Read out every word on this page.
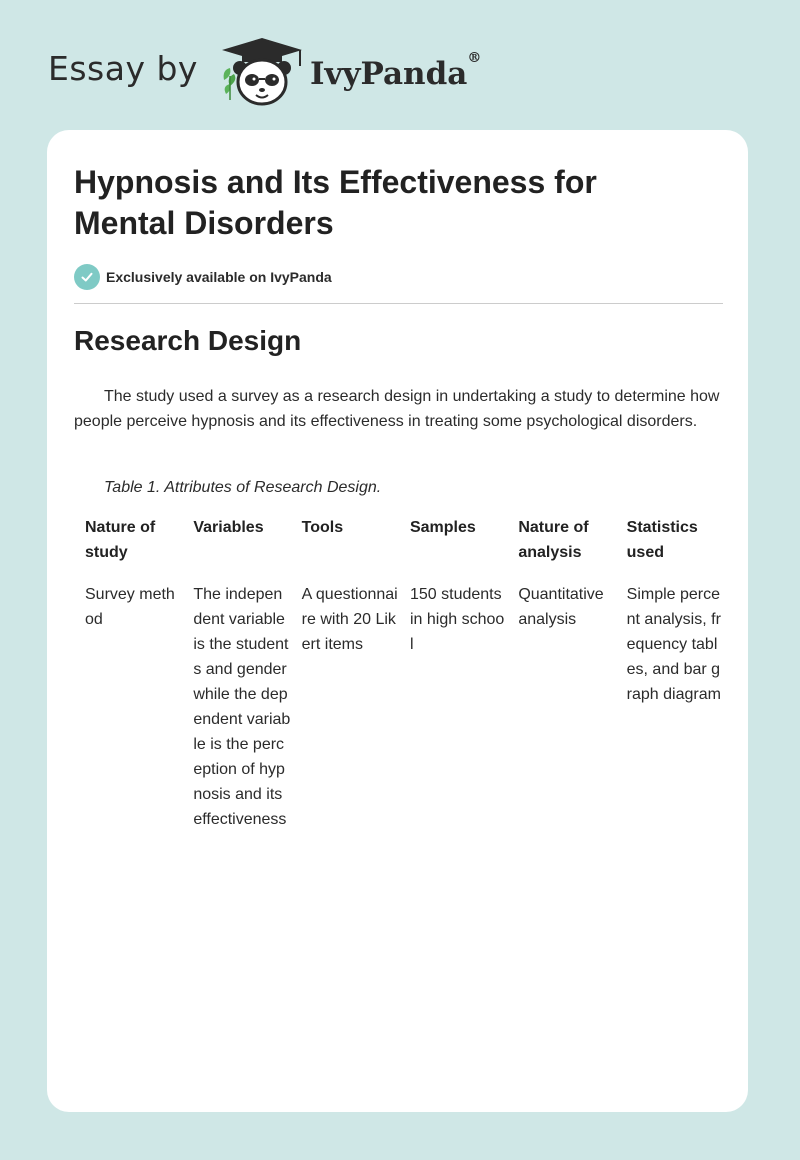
Essay by	IvyPanda®
Hypnosis and Its Effectiveness for Mental Disorders
Exclusively available on IvyPanda
Research Design

The study used a survey as a research design in undertaking a study to determine how people perceive hypnosis and its effectiveness in treating some psychological disorders.

Table 1. Attributes of Research Design.

Nature of study	Variables	Tools	Samples	Nature of analysis	Statistics used
Survey method	The independent variable is the students and gender while the dependent variable is the perception of hypnosis and its effectiveness	A questionnaire with 20 Likert items	150 students in high school	Quantitative analysis	Simple percent analysis, frequency tables, and bar graph diagram
